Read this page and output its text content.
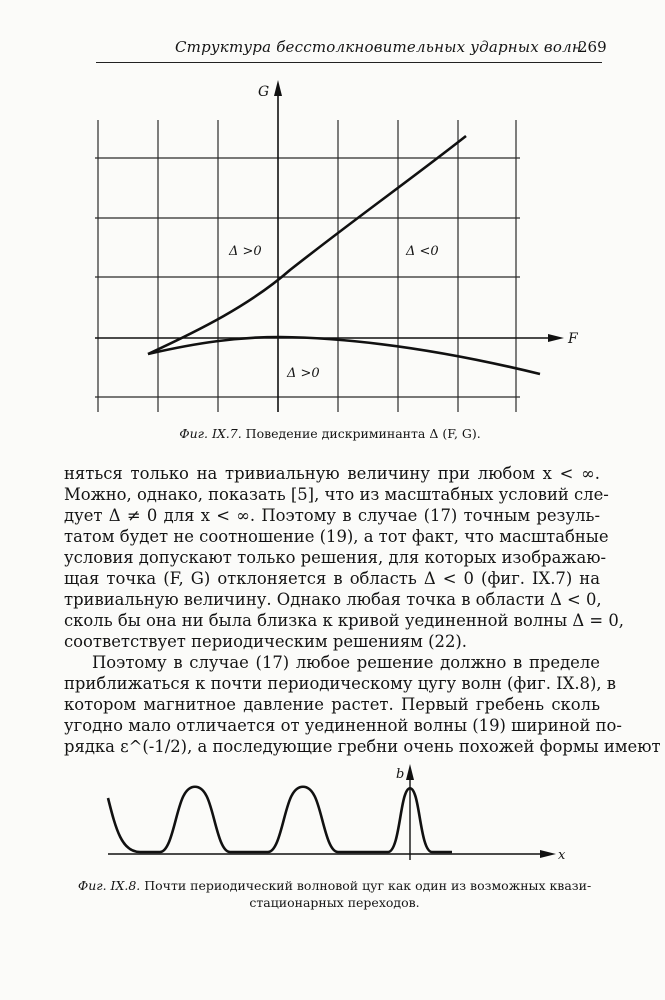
Структура бесстолкновительных ударных волн
269
G
F
Δ >0	Δ <0
Δ >0
Фиг. IX.7. Поведение дискриминанта Δ (F, G).
няться только на тривиальную величину при любом x < ∞.
Можно, однако, показать [5], что из масштабных условий сле-
дует Δ ≠ 0 для x < ∞. Поэтому в случае (17) точным резуль-
татом будет не соотношение (19), а тот факт, что масштабные
условия допускают только решения, для которых изображаю-
щая точка (F, G) отклоняется в область Δ < 0 (фиг. IX.7) на
тривиальную величину. Однако любая точка в области Δ < 0,
сколь бы она ни была близка к кривой уединенной волны Δ = 0,
соответствует периодическим решениям (22).
Поэтому в случае (17) любое решение должно в пределе
приближаться к почти периодическому цугу волн (фиг. IX.8), в
котором магнитное давление растет. Первый гребень сколь
угодно мало отличается от уединенной волны (19) шириной по-
рядка ε^(-1/2), а последующие гребни очень похожей формы имеют
x
b
Фиг. IX.8. Почти периодический волновой цуг как один из возможных квази-
стационарных переходов.
